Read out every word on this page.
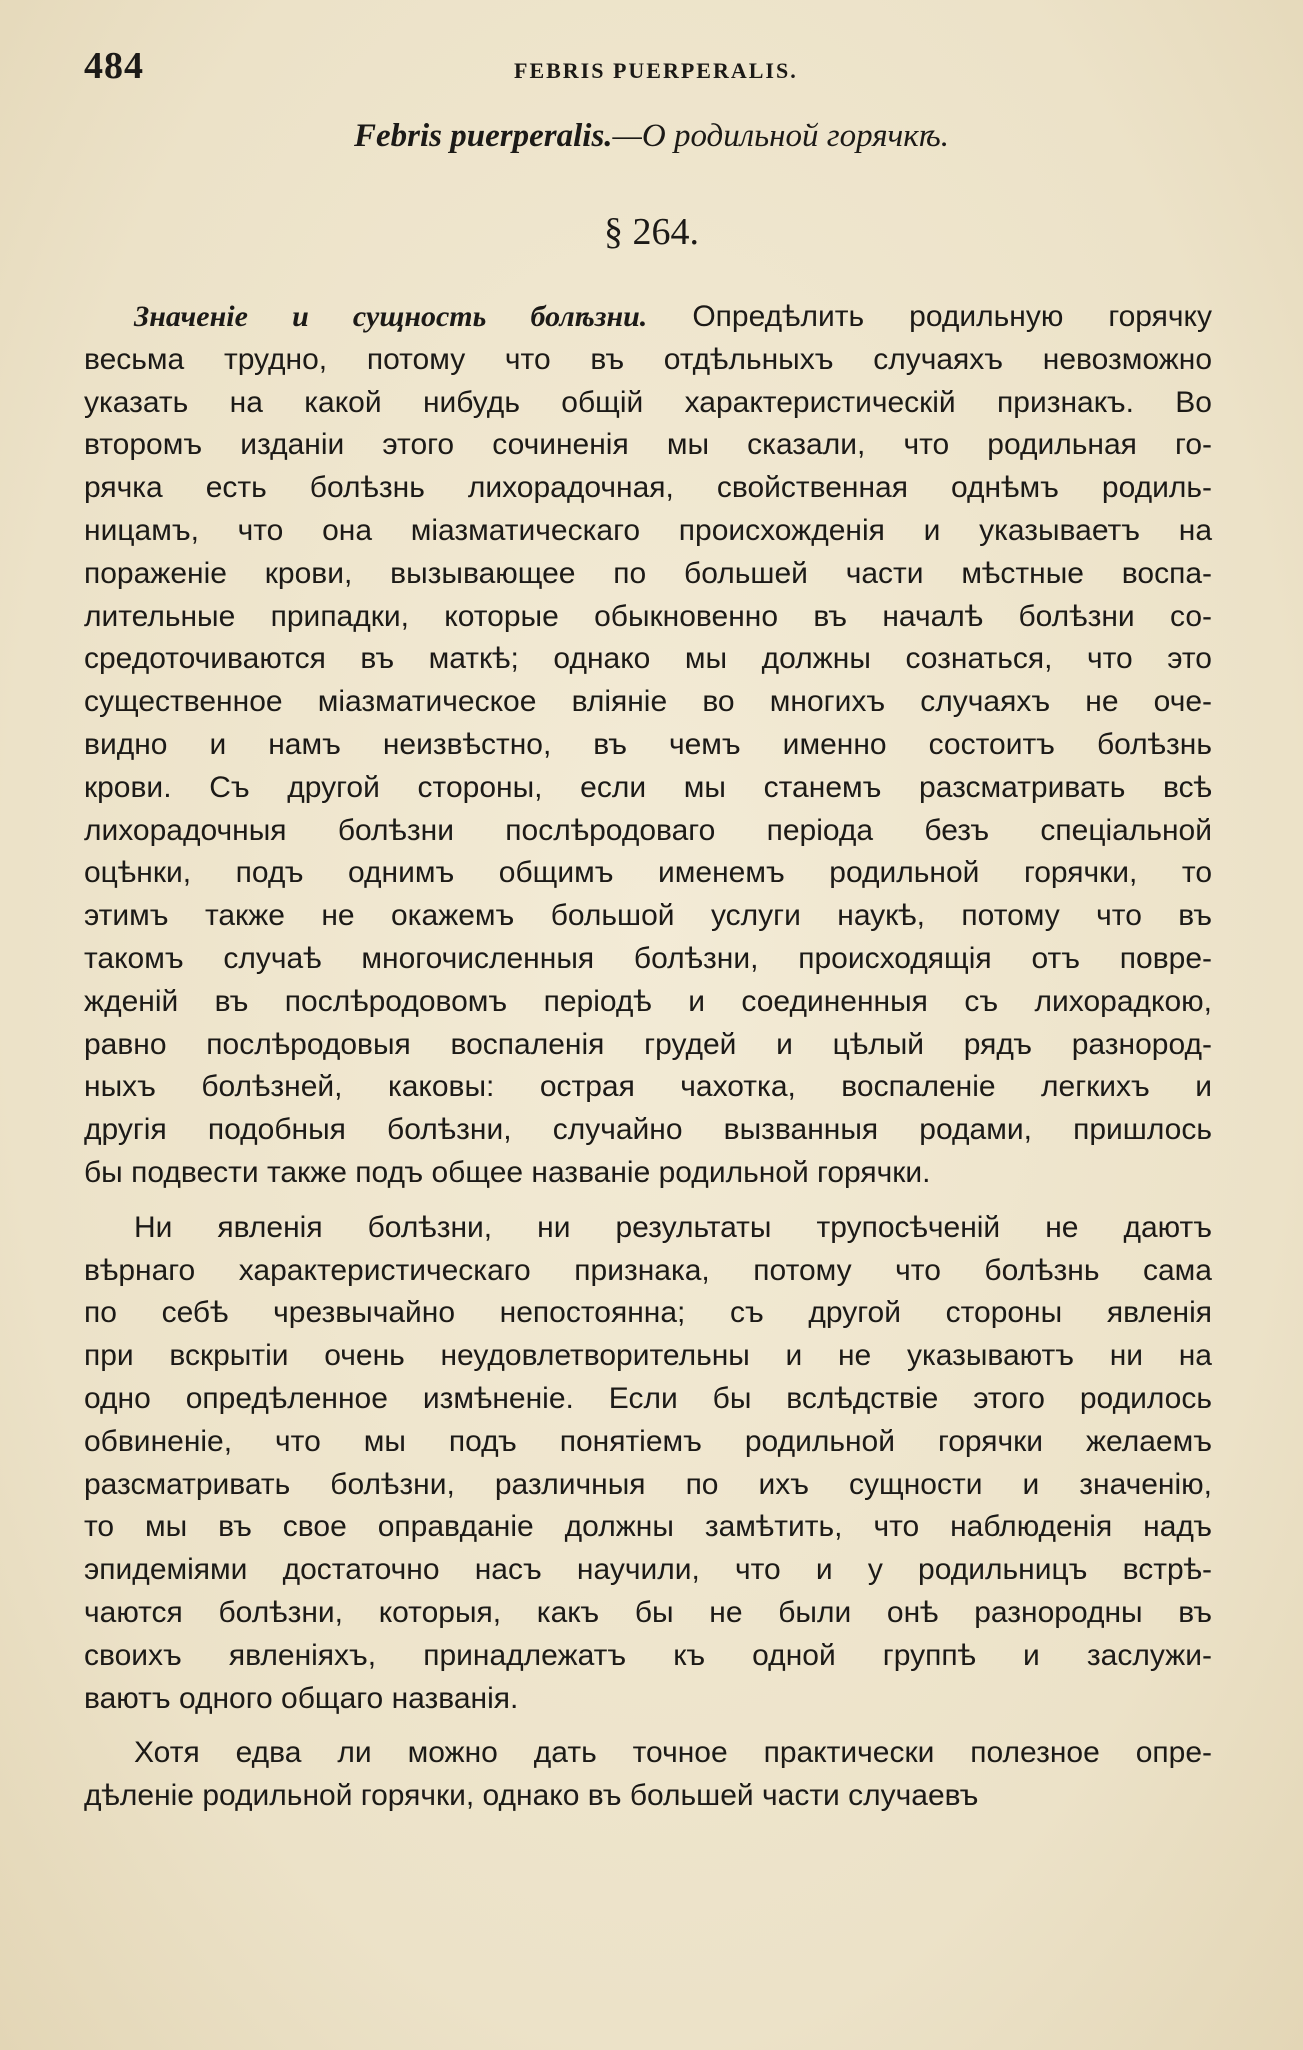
484	FEBRIS PUERPERALIS.
Febris puerperalis.—О родильной горячкѣ.
§ 264.
Значеніе и сущность болѣзни. Опредѣлить родильную горячку
весьма трудно, потому что въ отдѣльныхъ случаяхъ невозможно
указать на какой нибудь общій характеристическій признакъ. Во
второмъ изданіи этого сочиненія мы сказали, что родильная го-
рячка есть болѣзнь лихорадочная, свойственная однѣмъ родиль-
ницамъ, что она міазматическаго происхожденія и указываетъ на
пораженіе крови, вызывающее по большей части мѣстные воспа-
лительные припадки, которые обыкновенно въ началѣ болѣзни со-
средоточиваются въ маткѣ; однако мы должны сознаться, что это
существенное міазматическое вліяніе во многихъ случаяхъ не оче-
видно и намъ неизвѣстно, въ чемъ именно состоитъ болѣзнь
крови. Съ другой стороны, если мы станемъ разсматривать всѣ
лихорадочныя болѣзни послѣродоваго періода безъ спеціальной
оцѣнки, подъ однимъ общимъ именемъ родильной горячки, то
этимъ также не окажемъ большой услуги наукѣ, потому что въ
такомъ случаѣ многочисленныя болѣзни, происходящія отъ повре-
жденій въ послѣродовомъ періодѣ и соединенныя съ лихорадкою,
равно послѣродовыя воспаленія грудей и цѣлый рядъ разнород-
ныхъ болѣзней, каковы: острая чахотка, воспаленіе легкихъ и
другія подобныя болѣзни, случайно вызванныя родами, пришлось
бы подвести также подъ общее названіе родильной горячки.
Ни явленія болѣзни, ни результаты трупосѣченій не даютъ
вѣрнаго характеристическаго признака, потому что болѣзнь сама
по себѣ чрезвычайно непостоянна; съ другой стороны явленія
при вскрытіи очень неудовлетворительны и не указываютъ ни на
одно опредѣленное измѣненіе. Если бы вслѣдствіе этого родилось
обвиненіе, что мы подъ понятіемъ родильной горячки желаемъ
разсматривать болѣзни, различныя по ихъ сущности и значенію,
то мы въ свое оправданіе должны замѣтить, что наблюденія надъ
эпидеміями достаточно насъ научили, что и у родильницъ встрѣ-
чаются болѣзни, которыя, какъ бы не были онѣ разнородны въ
своихъ явленіяхъ, принадлежатъ къ одной группѣ и заслужи-
ваютъ одного общаго названія.
Хотя едва ли можно дать точное практически полезное опре-
дѣленіе родильной горячки, однако въ большей части случаевъ
